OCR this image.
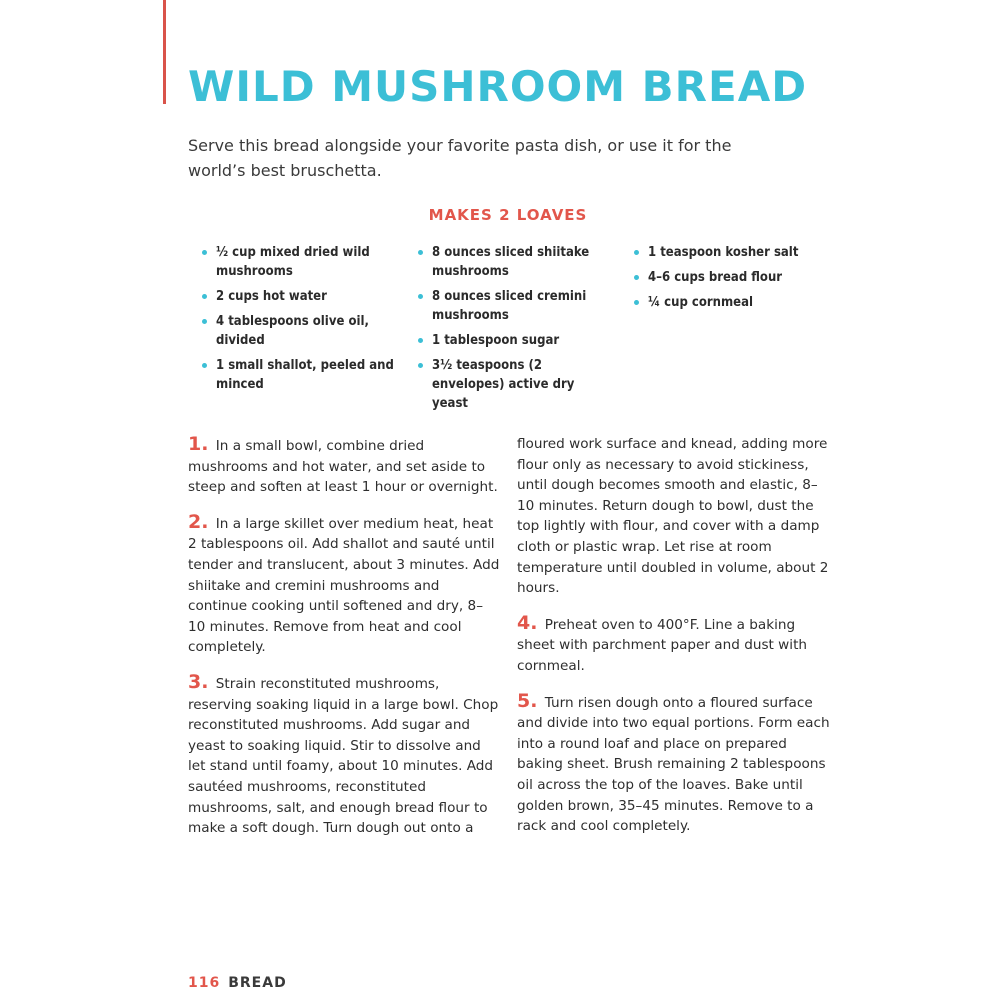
WILD MUSHROOM BREAD

Serve this bread alongside your favorite pasta dish, or use it for the world’s best bruschetta.

MAKES 2 LOAVES
½ cup mixed dried wild mushrooms
2 cups hot water
4 tablespoons olive oil, divided
1 small shallot, peeled and minced
8 ounces sliced shiitake mushrooms
8 ounces sliced cremini mushrooms
1 tablespoon sugar
3½ teaspoons (2 envelopes) active dry yeast
1 teaspoon kosher salt
4–6 cups bread flour
¼ cup cornmeal

1. In a small bowl, combine dried mushrooms and hot water, and set aside to steep and soften at least 1 hour or overnight.

2. In a large skillet over medium heat, heat 2 tablespoons oil. Add shallot and sauté until tender and translucent, about 3 minutes. Add shiitake and cremini mushrooms and continue cooking until softened and dry, 8–10 minutes. Remove from heat and cool completely.

3. Strain reconstituted mushrooms, reserving soaking liquid in a large bowl. Chop reconstituted mushrooms. Add sugar and yeast to soaking liquid. Stir to dissolve and let stand until foamy, about 10 minutes. Add sautéed mushrooms, reconstituted mushrooms, salt, and enough bread flour to make a soft dough. Turn dough out onto a

floured work surface and knead, adding more flour only as necessary to avoid stickiness, until dough becomes smooth and elastic, 8–10 minutes. Return dough to bowl, dust the top lightly with flour, and cover with a damp cloth or plastic wrap. Let rise at room temperature until doubled in volume, about 2 hours.

4. Preheat oven to 400°F. Line a baking sheet with parchment paper and dust with cornmeal.

5. Turn risen dough onto a floured surface and divide into two equal portions. Form each into a round loaf and place on prepared baking sheet. Brush remaining 2 tablespoons oil across the top of the loaves. Bake until golden brown, 35–45 minutes. Remove to a rack and cool completely.

116 BREAD
